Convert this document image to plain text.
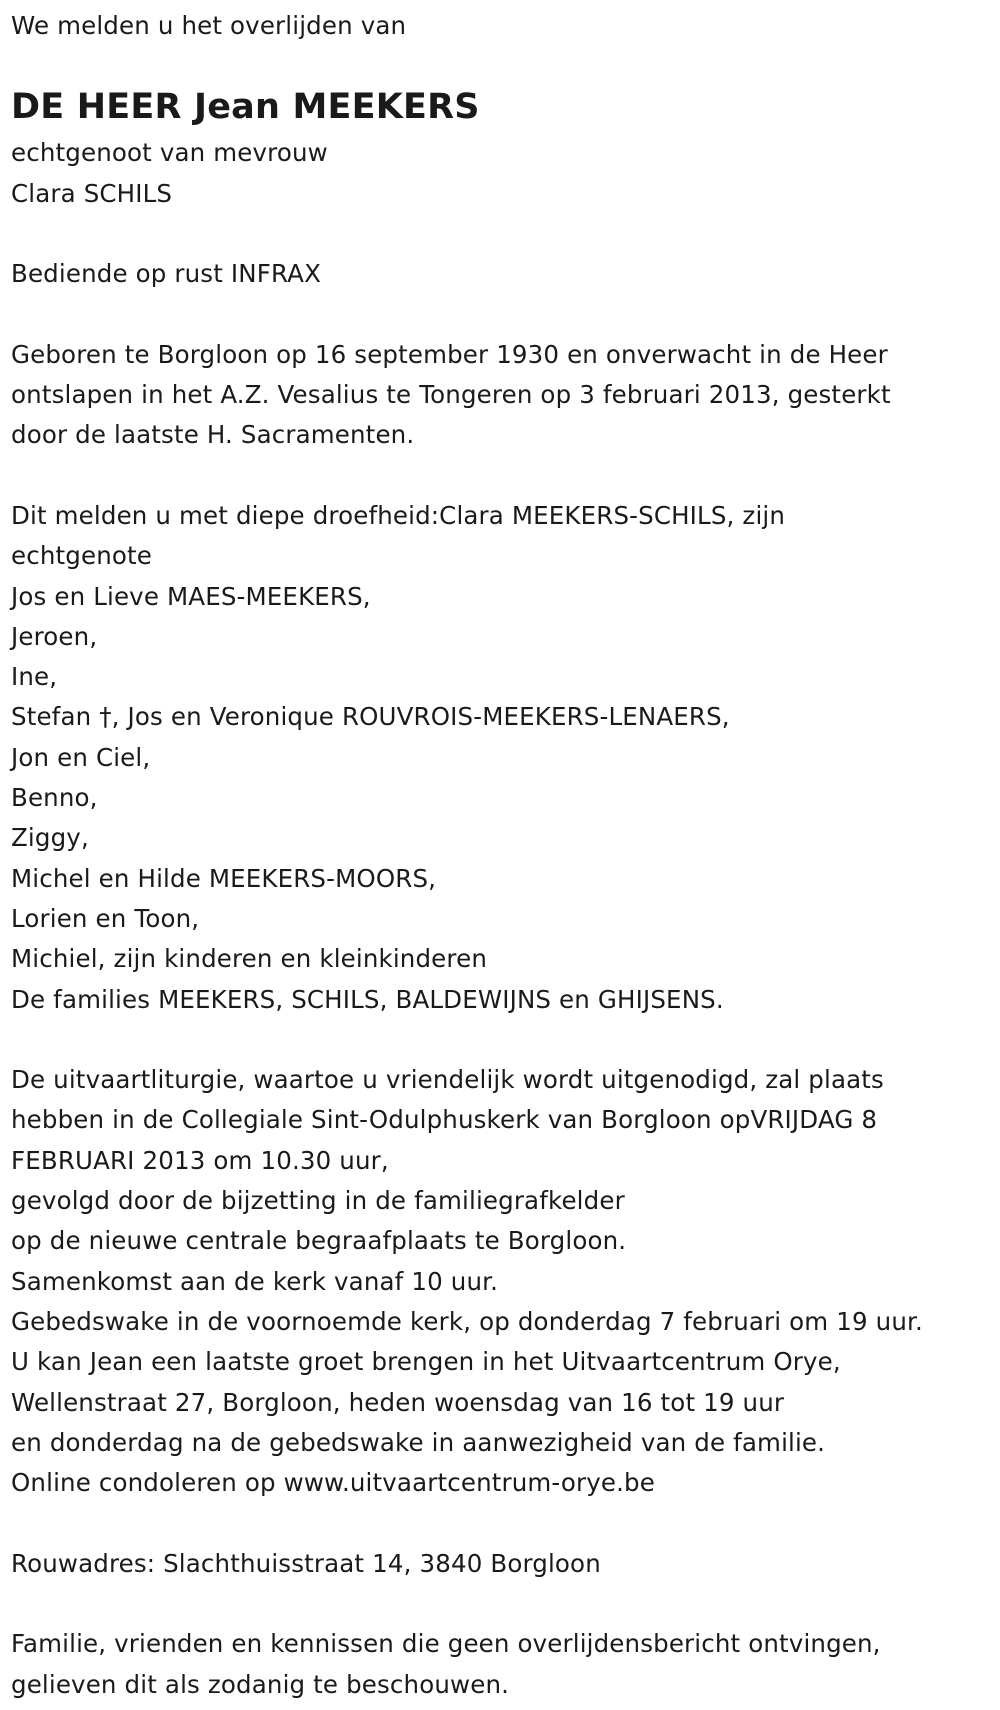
We melden u het overlijden van
DE HEER Jean MEEKERS
echtgenoot van mevrouw
Clara SCHILS
Bediende op rust INFRAX
Geboren te Borgloon op 16 september 1930 en onverwacht in de Heer
ontslapen in het A.Z. Vesalius te Tongeren op 3 februari 2013, gesterkt
door de laatste H. Sacramenten.
Dit melden u met diepe droefheid:Clara MEEKERS-SCHILS, zijn
echtgenote
Jos en Lieve MAES-MEEKERS,
Jeroen,
Ine,
Stefan †, Jos en Veronique ROUVROIS-MEEKERS-LENAERS,
Jon en Ciel,
Benno,
Ziggy,
Michel en Hilde MEEKERS-MOORS,
Lorien en Toon,
Michiel, zijn kinderen en kleinkinderen
De families MEEKERS, SCHILS, BALDEWIJNS en GHIJSENS.
De uitvaartliturgie, waartoe u vriendelijk wordt uitgenodigd, zal plaats
hebben in de Collegiale Sint-Odulphuskerk van Borgloon opVRIJDAG 8
FEBRUARI 2013 om 10.30 uur,
gevolgd door de bijzetting in de familiegrafkelder
op de nieuwe centrale begraafplaats te Borgloon.
Samenkomst aan de kerk vanaf 10 uur.
Gebedswake in de voornoemde kerk, op donderdag 7 februari om 19 uur.
U kan Jean een laatste groet brengen in het Uitvaartcentrum Orye,
Wellenstraat 27, Borgloon, heden woensdag van 16 tot 19 uur
en donderdag na de gebedswake in aanwezigheid van de familie.
Online condoleren op www.uitvaartcentrum-orye.be
Rouwadres: Slachthuisstraat 14, 3840 Borgloon
Familie, vrienden en kennissen die geen overlijdensbericht ontvingen,
gelieven dit als zodanig te beschouwen.
